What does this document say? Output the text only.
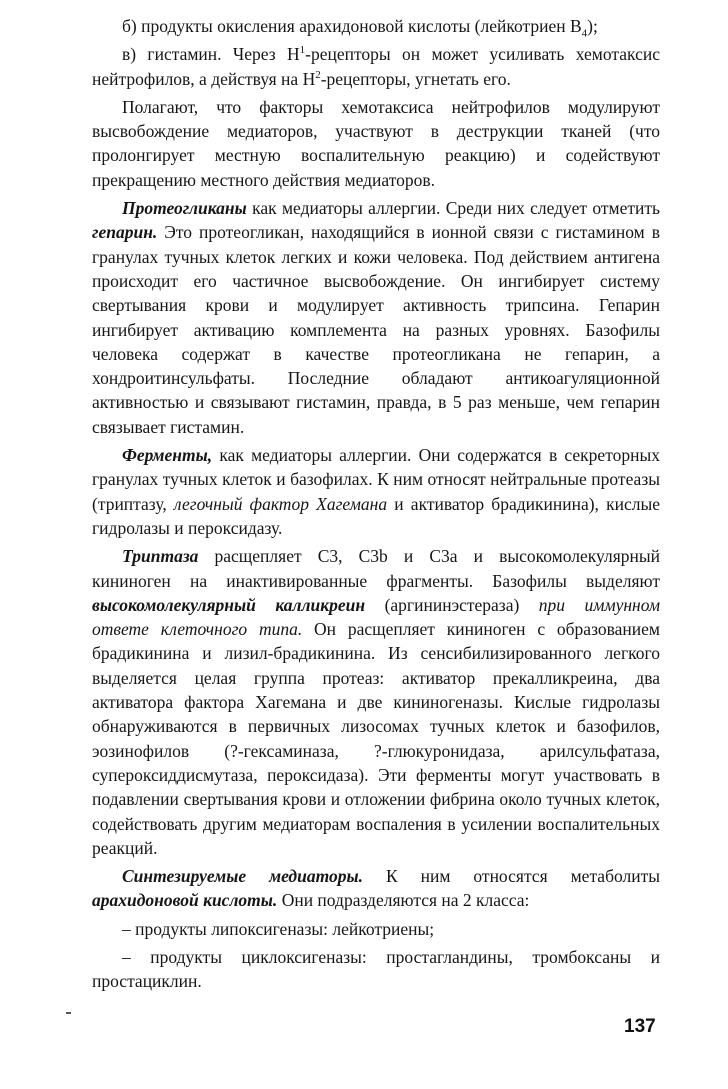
б) продукты окисления арахидоновой кислоты (лейкотриен $B_4$);

в) гистамин. Через $H^1$-рецепторы он может усиливать хемотаксис нейтрофилов, а действуя на $H^2$-рецепторы, угнетать его.

Полагают, что факторы хемотаксиса нейтрофилов модулируют высвобождение медиаторов, участвуют в деструкции тканей (что пролонгирует местную воспалительную реакцию) и содействуют прекращению местного действия медиаторов.

Протеогликаны как медиаторы аллергии. Среди них следует отметить гепарин. Это протеогликан, находящийся в ионной связи с гистамином в гранулах тучных клеток легких и кожи человека. Под действием антигена происходит его частичное высвобождение. Он ингибирует систему свертывания крови и модулирует активность трипсина. Гепарин ингибирует активацию комплемента на разных уровнях. Базофилы человека содержат в качестве протеогликана не гепарин, а хондроитинсульфаты. Последние обладают антикоагуляционной активностью и связывают гистамин, правда, в 5 раз меньше, чем гепарин связывает гистамин.

Ферменты, как медиаторы аллергии. Они содержатся в секреторных гранулах тучных клеток и базофилах. К ним относят нейтральные протеазы (триптазу, легочный фактор Хагемана и активатор брадикинина), кислые гидролазы и пероксидазу.

Триптаза расщепляет C3, C3b и C3a и высокомолекулярный кининоген на инактивированные фрагменты. Базофилы выделяют высокомолекулярный калликреин (аргининэстераза) при иммунном ответе клеточного типа. Он расщепляет кининоген с образованием брадикинина и лизил-брадикинина. Из сенсибилизированного легкого выделяется целая группа протеаз: активатор прекалликреина, два активатора фактора Хагемана и две кининогеназы. Кислые гидролазы обнаруживаются в первичных лизосомах тучных клеток и базофилов, эозинофилов (?-гексаминаза, ?-глюкуронидаза, арилсульфатаза, супероксиддисмутаза, пероксидаза). Эти ферменты могут участвовать в подавлении свертывания крови и отложении фибрина около тучных клеток, содействовать другим медиаторам воспаления в усилении воспалительных реакций.

Синтезируемые медиаторы. К ним относятся метаболиты арахидоновой кислоты. Они подразделяются на 2 класса:

– продукты липоксигеназы: лейкотриены;

– продукты циклоксигеназы: простагландины, тромбоксаны и простациклин.

137
